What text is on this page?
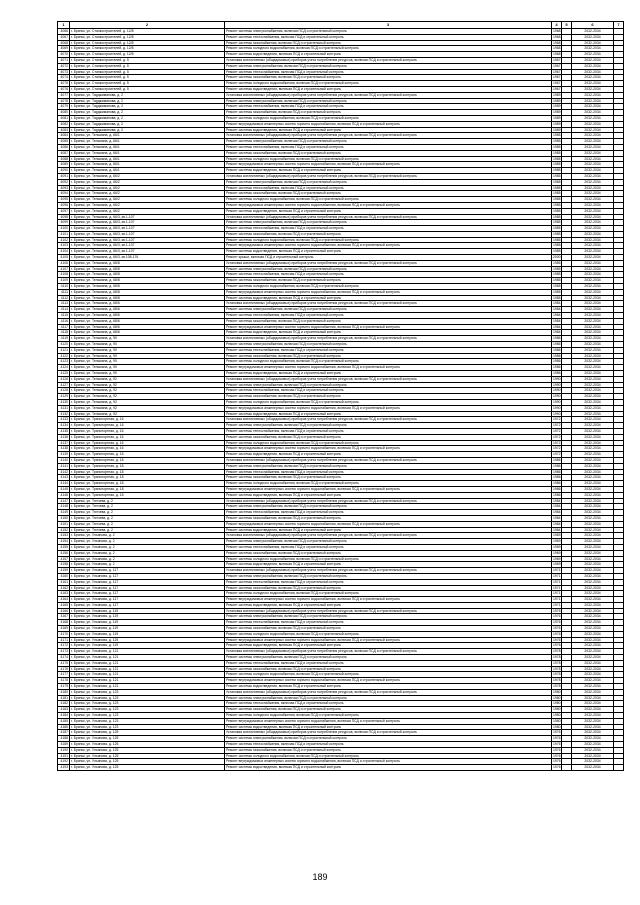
1	2	3	4	5	6	7
4066	г. Брянск, ул. Станкостроителей, д. 12/8	Ремонт системы электроснабжения, включая ПСД и строительный контроль	1968		2032-2034	
4067	г. Брянск, ул. Станкостроителей, д. 12/8	Ремонт системы теплоснабжения, включая ПСД и строительный контроль	1968		2032-2034	
4068	г. Брянск, ул. Станкостроителей, д. 12/8	Ремонт системы газоснабжения, включая ПСД и строительный контроль	1968		2032-2034	
4069	г. Брянск, ул. Станкостроителей, д. 12/8	Ремонт системы холодного водоснабжения, включая ПСД и строительный контроль	1968		2032-2034	
4070	г. Брянск, ул. Станкостроителей, д. 12/8	Ремонт системы водоотведения, включая ПСД и строительный контроль	1968		2032-2034	
4071	г. Брянск, ул. Станкостроителей, д. 5	Установка коллективных (общедомовых) приборов учета потребления ресурсов, включая ПСД и строительный контроль	1967		2032-2034	
4072	г. Брянск, ул. Станкостроителей, д. 5	Ремонт системы электроснабжения, включая ПСД и строительный контроль	1967		2032-2034	
4073	г. Брянск, ул. Станкостроителей, д. 5	Ремонт системы теплоснабжения, включая ПСД и строительный контроль	1967		2032-2034	
4074	г. Брянск, ул. Станкостроителей, д. 5	Ремонт системы газоснабжения, включая ПСД и строительный контроль	1967		2032-2034	
4075	г. Брянск, ул. Станкостроителей, д. 5	Ремонт системы холодного водоснабжения, включая ПСД и строительный контроль	1967		2032-2034	
4076	г. Брянск, ул. Станкостроителей, д. 5	Ремонт системы водоотведения, включая ПСД и строительный контроль	1967		2032-2034	
4077	г. Брянск, ул. Тарджиманова, д. 2	Установка коллективных (общедомовых) приборов учета потребления ресурсов, включая ПСД и строительный контроль	1989		2032-2034	
4078	г. Брянск, ул. Тарджиманова, д. 2	Ремонт системы электроснабжения, включая ПСД и строительный контроль	1989		2032-2034	
4079	г. Брянск, ул. Тарджиманова, д. 2	Ремонт системы теплоснабжения, включая ПСД и строительный контроль	1989		2032-2034	
4080	г. Брянск, ул. Тарджиманова, д. 2	Ремонт системы газоснабжения, включая ПСД и строительный контроль	1989		2032-2034	
4081	г. Брянск, ул. Тарджиманова, д. 2	Ремонт системы холодного водоснабжения, включая ПСД и строительный контроль	1989		2032-2034	
4082	г. Брянск, ул. Тарджиманова, д. 2	Ремонт внутридомовых инженерных систем горячего водоснабжения, включая ПСД и строительный контроль	1989		2032-2034	
4083	г. Брянск, ул. Тарджиманова, д. 2	Ремонт системы водоотведения, включая ПСД и строительный контроль	1989		2032-2034	
4084	г. Брянск, ул. Тельмана, д. 66/1	Установка коллективных (общедомовых) приборов учета потребления ресурсов, включая ПСД и строительный контроль	1985		2032-2034	
4085	г. Брянск, ул. Тельмана, д. 66/1	Ремонт системы электроснабжения, включая ПСД и строительный контроль	1985		2032-2034	
4086	г. Брянск, ул. Тельмана, д. 66/1	Ремонт системы теплоснабжения, включая ПСД и строительный контроль	1985		2032-2034	
4087	г. Брянск, ул. Тельмана, д. 66/1	Ремонт системы газоснабжения, включая ПСД и строительный контроль	1985		2032-2034	
4088	г. Брянск, ул. Тельмана, д. 66/1	Ремонт системы холодного водоснабжения, включая ПСД и строительный контроль	1985		2032-2034	
4089	г. Брянск, ул. Тельмана, д. 66/1	Ремонт внутридомовых инженерных систем горячего водоснабжения, включая ПСД и строительный контроль	1985		2032-2034	
4090	г. Брянск, ул. Тельмана, д. 66/1	Ремонт системы водоотведения, включая ПСД и строительный контроль	1985		2032-2034	
4091	г. Брянск, ул. Тельмана, д. 66/2	Установка коллективных (общедомовых) приборов учета потребления ресурсов, включая ПСД и строительный контроль	1985		2032-2034	
4092	г. Брянск, ул. Тельмана, д. 66/2	Ремонт системы электроснабжения, включая ПСД и строительный контроль	1985		2032-2034	
4093	г. Брянск, ул. Тельмана, д. 66/2	Ремонт системы теплоснабжения, включая ПСД и строительный контроль	1985		2032-2034	
4094	г. Брянск, ул. Тельмана, д. 66/2	Ремонт системы газоснабжения, включая ПСД и строительный контроль	1985		2032-2034	
4095	г. Брянск, ул. Тельмана, д. 66/2	Ремонт системы холодного водоснабжения, включая ПСД и строительный контроль	1985		2032-2034	
4096	г. Брянск, ул. Тельмана, д. 66/2	Ремонт внутридомовых инженерных систем горячего водоснабжения, включая ПСД и строительный контроль	1985		2032-2034	
4097	г. Брянск, ул. Тельмана, д. 66/2	Ремонт системы водоотведения, включая ПСД и строительный контроль	1985		2032-2034	
4098	г. Брянск, ул. Тельмана, д. 66/3, кв.1-107	Установка коллективных (общедомовых) приборов учета потребления ресурсов, включая ПСД и строительный контроль	1985		2032-2034	
4099	г. Брянск, ул. Тельмана, д. 66/3, кв.1-107	Ремонт системы электроснабжения, включая ПСД и строительный контроль	1985		2032-2034	
4100	г. Брянск, ул. Тельмана, д. 66/3, кв.1-107	Ремонт системы теплоснабжения, включая ПСД и строительный контроль	1985		2032-2034	
4101	г. Брянск, ул. Тельмана, д. 66/3, кв.1-107	Ремонт системы газоснабжения, включая ПСД и строительный контроль	1985		2032-2034	
4102	г. Брянск, ул. Тельмана, д. 66/3, кв.1-107	Ремонт системы холодного водоснабжения, включая ПСД и строительный контроль	1985		2032-2034	
4103	г. Брянск, ул. Тельмана, д. 66/3, кв.1-107	Ремонт внутридомовых инженерных систем горячего водоснабжения, включая ПСД и строительный контроль	1985		2032-2034	
4104	г. Брянск, ул. Тельмана, д. 66/3, кв.1-107	Ремонт системы водоотведения, включая ПСД и строительный контроль	1985		2032-2034	
4105	г. Брянск, ул. Тельмана, д. 66/3, кв.108-176	Ремонт крыши, включая ПСД и строительный контроль	2000		2032-2034	
4106	г. Брянск, ул. Тельмана, д. 68/8	Установка коллективных (общедомовых) приборов учета потребления ресурсов, включая ПСД и строительный контроль	1985		2032-2034	
4107	г. Брянск, ул. Тельмана, д. 68/8	Ремонт системы электроснабжения, включая ПСД и строительный контроль	1985		2032-2034	
4108	г. Брянск, ул. Тельмана, д. 68/8	Ремонт системы теплоснабжения, включая ПСД и строительный контроль	1985		2032-2034	
4109	г. Брянск, ул. Тельмана, д. 68/8	Ремонт системы газоснабжения, включая ПСД и строительный контроль	1985		2032-2034	
4110	г. Брянск, ул. Тельмана, д. 68/8	Ремонт системы холодного водоснабжения, включая ПСД и строительный контроль	1985		2032-2034	
4111	г. Брянск, ул. Тельмана, д. 68/8	Ремонт внутридомовых инженерных систем горячего водоснабжения, включая ПСД и строительный контроль	1985		2032-2034	
4112	г. Брянск, ул. Тельмана, д. 68/8	Ремонт системы водоотведения, включая ПСД и строительный контроль	1985		2032-2034	
4113	г. Брянск, ул. Тельмана, д. 68/6	Установка коллективных (общедомовых) приборов учета потребления ресурсов, включая ПСД и строительный контроль	1984		2032-2034	
4114	г. Брянск, ул. Тельмана, д. 68/6	Ремонт системы электроснабжения, включая ПСД и строительный контроль	1984		2032-2034	
4115	г. Брянск, ул. Тельмана, д. 68/6	Ремонт системы теплоснабжения, включая ПСД и строительный контроль	1984		2032-2034	
4116	г. Брянск, ул. Тельмана, д. 68/6	Ремонт системы газоснабжения, включая ПСД и строительный контроль	1984		2032-2034	
4117	г. Брянск, ул. Тельмана, д. 68/6	Ремонт внутридомовых инженерных систем горячего водоснабжения, включая ПСД и строительный контроль	1984		2032-2034	
4118	г. Брянск, ул. Тельмана, д. 68/6	Ремонт системы водоотведения, включая ПСД и строительный контроль	1984		2032-2034	
4119	г. Брянск, ул. Тельмана, д. 90	Установка коллективных (общедомовых) приборов учета потребления ресурсов, включая ПСД и строительный контроль	1986		2032-2034	
4120	г. Брянск, ул. Тельмана, д. 90	Ремонт системы электроснабжения, включая ПСД и строительный контроль	1986		2032-2034	
4121	г. Брянск, ул. Тельмана, д. 90	Ремонт системы теплоснабжения, включая ПСД и строительный контроль	1986		2032-2034	
4122	г. Брянск, ул. Тельмана, д. 90	Ремонт системы газоснабжения, включая ПСД и строительный контроль	1986		2032-2034	
4123	г. Брянск, ул. Тельмана, д. 90	Ремонт системы холодного водоснабжения, включая ПСД и строительный контроль	1986		2032-2034	
4124	г. Брянск, ул. Тельмана, д. 90	Ремонт внутридомовых инженерных систем горячего водоснабжения, включая ПСД и строительный контроль	1986		2032-2034	
4125	г. Брянск, ул. Тельмана, д. 90	Ремонт системы водоотведения, включая ПСД и строительный контроль	1986		2032-2034	
4126	г. Брянск, ул. Тельмана, д. 92	Установка коллективных (общедомовых) приборов учета потребления ресурсов, включая ПСД и строительный контроль	1990		2032-2034	
4127	г. Брянск, ул. Тельмана, д. 92	Ремонт системы электроснабжения, включая ПСД и строительный контроль	1990		2032-2034	
4128	г. Брянск, ул. Тельмана, д. 92	Ремонт системы теплоснабжения, включая ПСД и строительный контроль	1990		2032-2034	
4129	г. Брянск, ул. Тельмана, д. 92	Ремонт системы газоснабжения, включая ПСД и строительный контроль	1990		2032-2034	
4130	г. Брянск, ул. Тельмана, д. 92	Ремонт системы холодного водоснабжения, включая ПСД и строительный контроль	1990		2032-2034	
4131	г. Брянск, ул. Тельмана, д. 92	Ремонт внутридомовых инженерных систем горячего водоснабжения, включая ПСД и строительный контроль	1990		2032-2034	
4132	г. Брянск, ул. Тельмана, д. 92	Ремонт системы водоотведения, включая ПСД и строительный контроль	1990		2032-2034	
4133	г. Брянск, ул. Транспортная, д. 16	Установка коллективных (общедомовых) приборов учета потребления ресурсов, включая ПСД и строительный контроль	1972		2032-2034	
4134	г. Брянск, ул. Транспортная, д. 16	Ремонт системы электроснабжения, включая ПСД и строительный контроль	1972		2032-2034	
4135	г. Брянск, ул. Транспортная, д. 16	Ремонт системы теплоснабжения, включая ПСД и строительный контроль	1972		2032-2034	
4136	г. Брянск, ул. Транспортная, д. 16	Ремонт системы газоснабжения, включая ПСД и строительный контроль	1972		2032-2034	
4137	г. Брянск, ул. Транспортная, д. 16	Ремонт системы холодного водоснабжения, включая ПСД и строительный контроль	1972		2032-2034	
4138	г. Брянск, ул. Транспортная, д. 16	Ремонт внутридомовых инженерных систем горячего водоснабжения, включая ПСД и строительный контроль	1972		2032-2034	
4139	г. Брянск, ул. Транспортная, д. 16	Ремонт системы водоотведения, включая ПСД и строительный контроль	1972		2032-2034	
4140	г. Брянск, ул. Транспортная, д. 18	Установка коллективных (общедомовых) приборов учета потребления ресурсов, включая ПСД и строительный контроль	1986		2032-2034	
4141	г. Брянск, ул. Транспортная, д. 18	Ремонт системы электроснабжения, включая ПСД и строительный контроль	1986		2032-2034	
4142	г. Брянск, ул. Транспортная, д. 18	Ремонт системы теплоснабжения, включая ПСД и строительный контроль	1986		2032-2034	
4143	г. Брянск, ул. Транспортная, д. 18	Ремонт системы газоснабжения, включая ПСД и строительный контроль	1986		2032-2034	
4144	г. Брянск, ул. Транспортная, д. 18	Ремонт системы холодного водоснабжения, включая ПСД и строительный контроль	1986		2032-2034	
4145	г. Брянск, ул. Транспортная, д. 18	Ремонт внутридомовых инженерных систем горячего водоснабжения, включая ПСД и строительный контроль	1986		2032-2034	
4146	г. Брянск, ул. Транспортная, д. 18	Ремонт системы водоотведения, включая ПСД и строительный контроль	1986		2032-2034	
4147	г. Брянск, ул. Тютчева, д. 2	Установка коллективных (общедомовых) приборов учета потребления ресурсов, включая ПСД и строительный контроль	1984		2032-2034	
4148	г. Брянск, ул. Тютчева, д. 2	Ремонт системы электроснабжения, включая ПСД и строительный контроль	1984		2032-2034	
4149	г. Брянск, ул. Тютчева, д. 2	Ремонт системы теплоснабжения, включая ПСД и строительный контроль	1984		2032-2034	
4150	г. Брянск, ул. Тютчева, д. 2	Ремонт системы газоснабжения, включая ПСД и строительный контроль	1984		2032-2034	
4151	г. Брянск, ул. Тютчева, д. 2	Ремонт внутридомовых инженерных систем горячего водоснабжения, включая ПСД и строительный контроль	1984		2032-2034	
4152	г. Брянск, ул. Тютчева, д. 2	Ремонт системы водоотведения, включая ПСД и строительный контроль	1984		2032-2034	
4153	г. Брянск, ул. Ульянова, д. 2	Установка коллективных (общедомовых) приборов учета потребления ресурсов, включая ПСД и строительный контроль	1969		2032-2034	
4154	г. Брянск, ул. Ульянова, д. 2	Ремонт системы электроснабжения, включая ПСД и строительный контроль	1969		2032-2034	
4155	г. Брянск, ул. Ульянова, д. 2	Ремонт системы теплоснабжения, включая ПСД и строительный контроль	1969		2032-2034	
4156	г. Брянск, ул. Ульянова, д. 2	Ремонт системы газоснабжения, включая ПСД и строительный контроль	1969		2032-2034	
4157	г. Брянск, ул. Ульянова, д. 2	Ремонт системы холодного водоснабжения, включая ПСД и строительный контроль	1969		2032-2034	
4158	г. Брянск, ул. Ульянова, д. 2	Ремонт системы водоотведения, включая ПСД и строительный контроль	1969		2032-2034	
4159	г. Брянск, ул. Ульянова, д. 117	Установка коллективных (общедомовых) приборов учета потребления ресурсов, включая ПСД и строительный контроль	1971		2032-2034	
4160	г. Брянск, ул. Ульянова, д. 117	Ремонт системы электроснабжения, включая ПСД и строительный контроль	1971		2032-2034	
4161	г. Брянск, ул. Ульянова, д. 117	Ремонт системы теплоснабжения, включая ПСД и строительный контроль	1971		2032-2034	
4162	г. Брянск, ул. Ульянова, д. 117	Ремонт системы газоснабжения, включая ПСД и строительный контроль	1971		2032-2034	
4163	г. Брянск, ул. Ульянова, д. 117	Ремонт системы холодного водоснабжения, включая ПСД и строительный контроль	1971		2032-2034	
4164	г. Брянск, ул. Ульянова, д. 117	Ремонт внутридомовых инженерных систем горячего водоснабжения, включая ПСД и строительный контроль	1971		2032-2034	
4165	г. Брянск, ул. Ульянова, д. 117	Ремонт системы водоотведения, включая ПСД и строительный контроль	1971		2032-2034	
4166	г. Брянск, ул. Ульянова, д. 119	Установка коллективных (общедомовых) приборов учета потребления ресурсов, включая ПСД и строительный контроль	1976		2032-2034	
4167	г. Брянск, ул. Ульянова, д. 119	Ремонт системы электроснабжения, включая ПСД и строительный контроль	1976		2032-2034	
4168	г. Брянск, ул. Ульянова, д. 119	Ремонт системы теплоснабжения, включая ПСД и строительный контроль	1976		2032-2034	
4169	г. Брянск, ул. Ульянова, д. 119	Ремонт системы газоснабжения, включая ПСД и строительный контроль	1976		2032-2034	
4170	г. Брянск, ул. Ульянова, д. 119	Ремонт системы холодного водоснабжения, включая ПСД и строительный контроль	1976		2032-2034	
4171	г. Брянск, ул. Ульянова, д. 119	Ремонт внутридомовых инженерных систем горячего водоснабжения, включая ПСД и строительный контроль	1976		2032-2034	
4172	г. Брянск, ул. Ульянова, д. 119	Ремонт системы водоотведения, включая ПСД и строительный контроль	1976		2032-2034	
4173	г. Брянск, ул. Ульянова, д. 121	Установка коллективных (общедомовых) приборов учета потребления ресурсов, включая ПСД и строительный контроль	1978		2032-2034	
4174	г. Брянск, ул. Ульянова, д. 121	Ремонт системы электроснабжения, включая ПСД и строительный контроль	1978		2032-2034	
4175	г. Брянск, ул. Ульянова, д. 121	Ремонт системы теплоснабжения, включая ПСД и строительный контроль	1978		2032-2034	
4176	г. Брянск, ул. Ульянова, д. 121	Ремонт системы газоснабжения, включая ПСД и строительный контроль	1978		2032-2034	
4177	г. Брянск, ул. Ульянова, д. 121	Ремонт системы холодного водоснабжения, включая ПСД и строительный контроль	1978		2032-2034	
4178	г. Брянск, ул. Ульянова, д. 121	Ремонт внутридомовых инженерных систем горячего водоснабжения, включая ПСД и строительный контроль	1978		2032-2034	
4179	г. Брянск, ул. Ульянова, д. 121	Ремонт системы водоотведения, включая ПСД и строительный контроль	1978		2032-2034	
4180	г. Брянск, ул. Ульянова, д. 123	Установка коллективных (общедомовых) приборов учета потребления ресурсов, включая ПСД и строительный контроль	1980		2032-2034	
4181	г. Брянск, ул. Ульянова, д. 123	Ремонт системы электроснабжения, включая ПСД и строительный контроль	1980		2032-2034	
4182	г. Брянск, ул. Ульянова, д. 123	Ремонт системы теплоснабжения, включая ПСД и строительный контроль	1980		2032-2034	
4183	г. Брянск, ул. Ульянова, д. 123	Ремонт системы газоснабжения, включая ПСД и строительный контроль	1980		2032-2034	
4184	г. Брянск, ул. Ульянова, д. 123	Ремонт системы холодного водоснабжения, включая ПСД и строительный контроль	1980		2032-2034	
4185	г. Брянск, ул. Ульянова, д. 123	Ремонт внутридомовых инженерных систем горячего водоснабжения, включая ПСД и строительный контроль	1980		2032-2034	
4186	г. Брянск, ул. Ульянова, д. 123	Ремонт системы водоотведения, включая ПСД и строительный контроль	1980		2032-2034	
4187	г. Брянск, ул. Ульянова, д. 125	Установка коллективных (общедомовых) приборов учета потребления ресурсов, включая ПСД и строительный контроль	1976		2032-2034	
4188	г. Брянск, ул. Ульянова, д. 125	Ремонт системы электроснабжения, включая ПСД и строительный контроль	1976		2032-2034	
4189	г. Брянск, ул. Ульянова, д. 125	Ремонт системы теплоснабжения, включая ПСД и строительный контроль	1976		2032-2034	
4190	г. Брянск, ул. Ульянова, д. 125	Ремонт системы газоснабжения, включая ПСД и строительный контроль	1976		2032-2034	
4191	г. Брянск, ул. Ульянова, д. 125	Ремонт системы холодного водоснабжения, включая ПСД и строительный контроль	1976		2032-2034	
4192	г. Брянск, ул. Ульянова, д. 125	Ремонт внутридомовых инженерных систем горячего водоснабжения, включая ПСД и строительный контроль	1976		2032-2034	
4193	г. Брянск, ул. Ульянова, д. 125	Ремонт системы водоотведения, включая ПСД и строительный контроль	1976		2032-2034	
189
